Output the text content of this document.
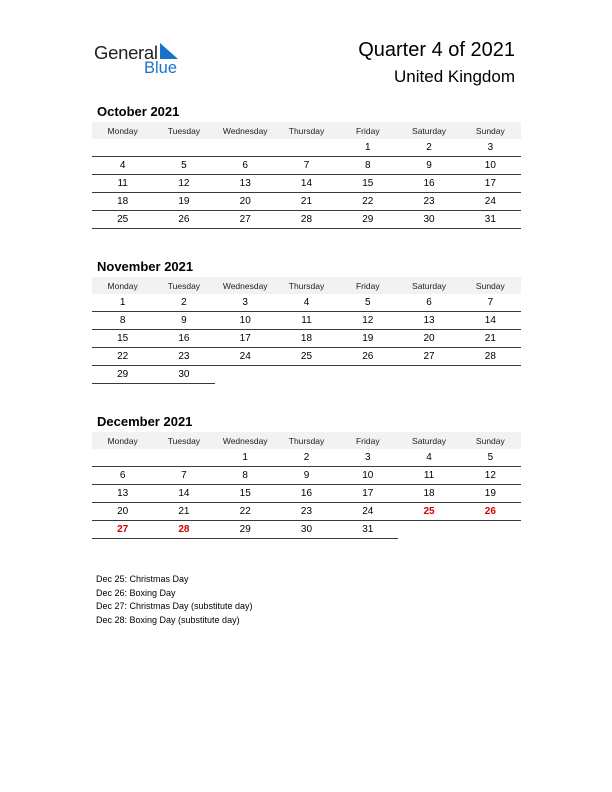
General
Blue
Quarter 4 of 2021
United Kingdom
October 2021
Monday	Tuesday	Wednesday	Thursday	Friday	Saturday	Sunday
				1	2	3
4	5	6	7	8	9	10
11	12	13	14	15	16	17
18	19	20	21	22	23	24
25	26	27	28	29	30	31
November 2021
Monday	Tuesday	Wednesday	Thursday	Friday	Saturday	Sunday
1	2	3	4	5	6	7
8	9	10	11	12	13	14
15	16	17	18	19	20	21
22	23	24	25	26	27	28
29	30					
December 2021
Monday	Tuesday	Wednesday	Thursday	Friday	Saturday	Sunday
		1	2	3	4	5
6	7	8	9	10	11	12
13	14	15	16	17	18	19
20	21	22	23	24	25	26
27	28	29	30	31		
Dec 25: Christmas Day
Dec 26: Boxing Day
Dec 27: Christmas Day (substitute day)
Dec 28: Boxing Day (substitute day)
